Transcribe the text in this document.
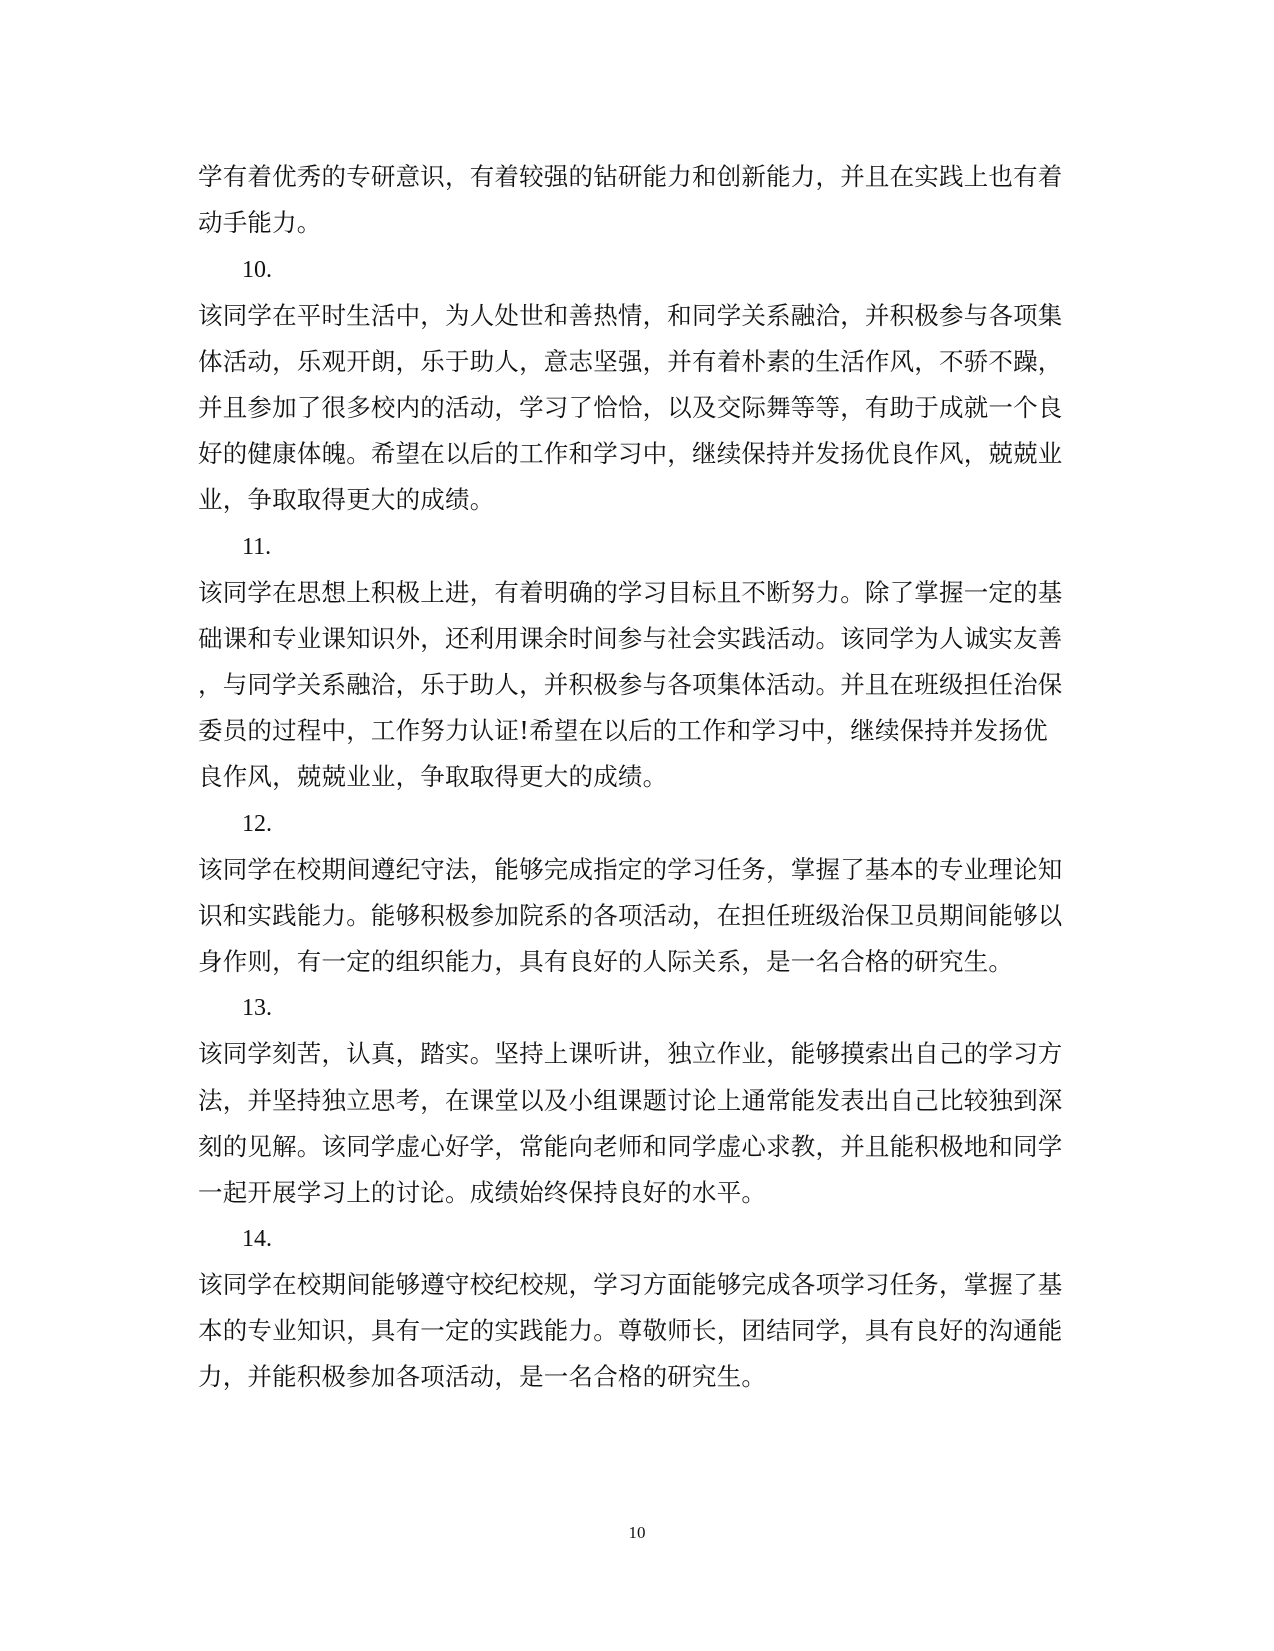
学有着优秀的专研意识，有着较强的钻研能力和创新能力，并且在实践上也有着
动手能力。
10.
该同学在平时生活中，为人处世和善热情，和同学关系融洽，并积极参与各项集
体活动，乐观开朗，乐于助人，意志坚强，并有着朴素的生活作风，不骄不躁，
并且参加了很多校内的活动，学习了恰恰，以及交际舞等等，有助于成就一个良
好的健康体魄。希望在以后的工作和学习中，继续保持并发扬优良作风，兢兢业
业，争取取得更大的成绩。
11.
该同学在思想上积极上进，有着明确的学习目标且不断努力。除了掌握一定的基
础课和专业课知识外，还利用课余时间参与社会实践活动。该同学为人诚实友善
，与同学关系融洽，乐于助人，并积极参与各项集体活动。并且在班级担任治保
委员的过程中，工作努力认证!希望在以后的工作和学习中，继续保持并发扬优
良作风，兢兢业业，争取取得更大的成绩。
12.
该同学在校期间遵纪守法，能够完成指定的学习任务，掌握了基本的专业理论知
识和实践能力。能够积极参加院系的各项活动，在担任班级治保卫员期间能够以
身作则，有一定的组织能力，具有良好的人际关系，是一名合格的研究生。
13.
该同学刻苦，认真，踏实。坚持上课听讲，独立作业，能够摸索出自己的学习方
法，并坚持独立思考，在课堂以及小组课题讨论上通常能发表出自己比较独到深
刻的见解。该同学虚心好学，常能向老师和同学虚心求教，并且能积极地和同学
一起开展学习上的讨论。成绩始终保持良好的水平。
14.
该同学在校期间能够遵守校纪校规，学习方面能够完成各项学习任务，掌握了基
本的专业知识，具有一定的实践能力。尊敬师长，团结同学，具有良好的沟通能
力，并能积极参加各项活动，是一名合格的研究生。
10
